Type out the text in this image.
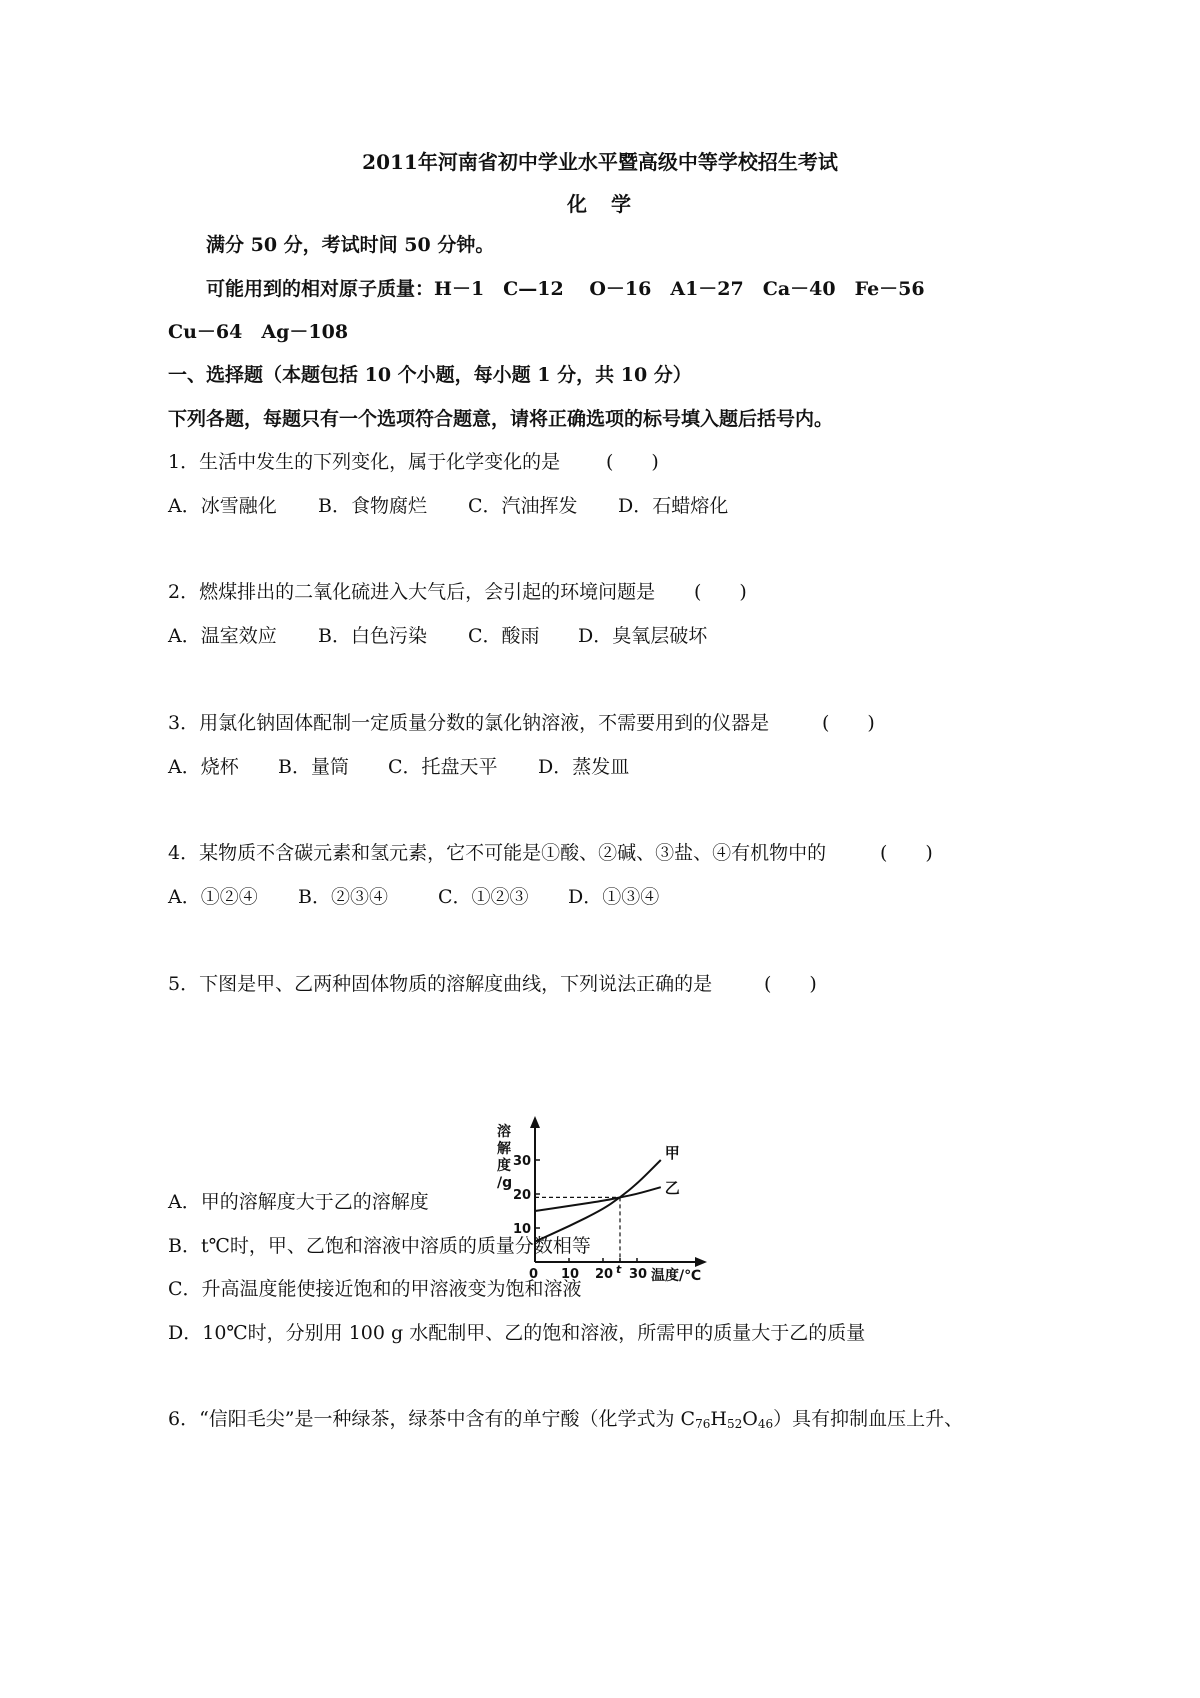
2011年河南省初中学业水平暨高级中等学校招生考试
化　学
满分 50 分，考试时间 50 分钟。
可能用到的相对原子质量：H－1　C—12　 O－16　A1－27　Ca－40　Fe－56
Cu－64　Ag－108
一、选择题（本题包括 10 个小题，每小题 1 分，共 10 分）
下列各题，每题只有一个选项符合题意，请将正确选项的标号填入题后括号内。
1．生活中发生的下列变化，属于化学变化的是 (　　)
A．冰雪融化 B．食物腐烂 C．汽油挥发 D．石蜡熔化
2．燃煤排出的二氧化硫进入大气后，会引起的环境问题是 (　　)
A．温室效应 B．白色污染 C．酸雨 D．臭氧层破坏
3．用氯化钠固体配制一定质量分数的氯化钠溶液，不需要用到的仪器是	(　　)
A．烧杯 B．量筒 C．托盘天平 D．蒸发皿
4．某物质不含碳元素和氢元素，它不可能是①酸、②碱、③盐、④有机物中的	(　　)
A．①②④ B．②③④	C．①②③ D．①③④
5．下图是甲、乙两种固体物质的溶解度曲线，下列说法正确的是	(　　)
溶
解
度
/g
10
20
30
0 10 20 t 30 温度/℃
甲
乙
A．甲的溶解度大于乙的溶解度
B．t℃时，甲、乙饱和溶液中溶质的质量分数相等
C．升高温度能使接近饱和的甲溶液变为饱和溶液
D．10℃时，分别用 100 g 水配制甲、乙的饱和溶液，所需甲的质量大于乙的质量
6．“信阳毛尖”是一种绿茶，绿茶中含有的单宁酸（化学式为 $C_{76}H_{52}O_{46}$）具有抑制血压上升、
